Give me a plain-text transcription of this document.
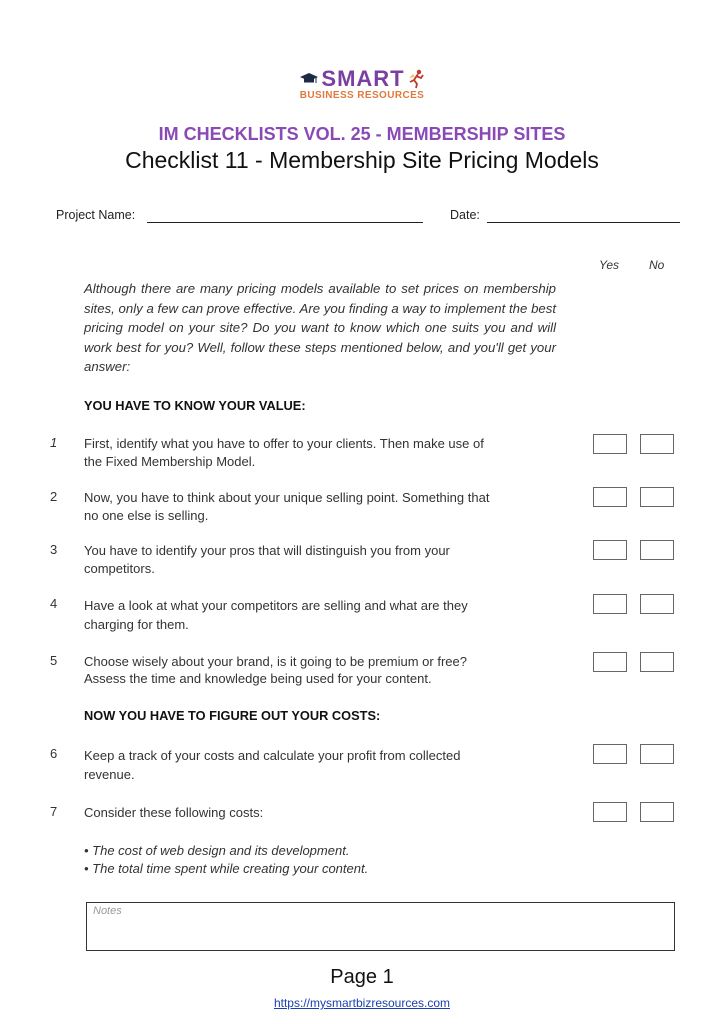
SMART
BUSINESS RESOURCES
IM CHECKLISTS VOL. 25 - MEMBERSHIP SITES
Checklist 11 - Membership Site Pricing Models
Project Name:	Date:
Yes No
Although there are many pricing models available to set prices on membership sites, only a few can prove effective. Are you finding a way to implement the best pricing model on your site? Do you want to know which one suits you and will work best for you? Well, follow these steps mentioned below, and you'll get your answer:
YOU HAVE TO KNOW YOUR VALUE:
1 First, identify what you have to offer to your clients. Then make use of
the Fixed Membership Model.
2 Now, you have to think about your unique selling point. Something that
no one else is selling.
3 You have to identify your pros that will distinguish you from your
competitors.
4 Have a look at what your competitors are selling and what are they
charging for them.
5 Choose wisely about your brand, is it going to be premium or free?
Assess the time and knowledge being used for your content.
NOW YOU HAVE TO FIGURE OUT YOUR COSTS:
6 Keep a track of your costs and calculate your profit from collected
revenue.
7 Consider these following costs:
• The cost of web design and its development.
• The total time spent while creating your content.
Notes
Page 1
https://mysmartbizresources.com
